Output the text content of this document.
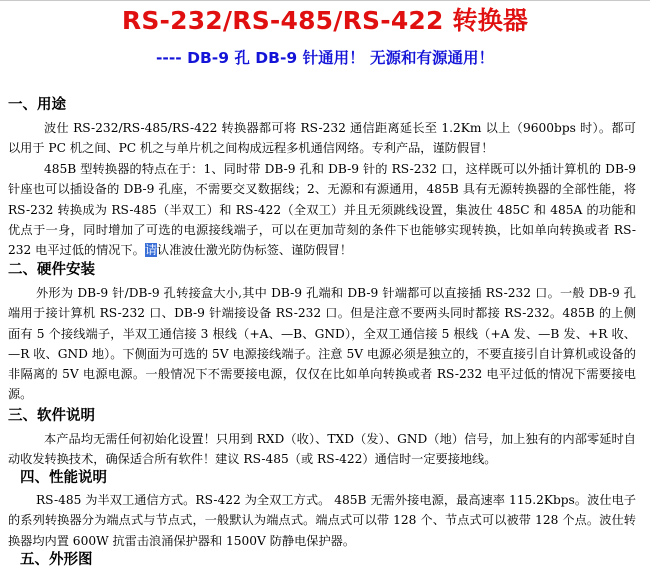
RS-232/RS-485/RS-422 转换器
---- DB-9 孔 DB-9 针通用！ 无源和有源通用！
一、用途

波仕 RS-232/RS-485/RS-422 转换器都可将 RS-232 通信距离延长至 1.2Km 以上（9600bps 时）。都可以用于 PC 机之间、PC 机之与单片机之间构成远程多机通信网络。专利产品，谨防假冒！

485B 型转换器的特点在于：1、同时带 DB-9 孔和 DB-9 针的 RS-232 口，这样既可以外插计算机的 DB-9 针座也可以插设备的 DB-9 孔座，不需要交叉数据线；2、无源和有源通用，485B 具有无源转换器的全部性能，将 RS-232 转换成为 RS-485（半双工）和 RS-422（全双工）并且无须跳线设置，集波仕 485C 和 485A 的功能和优点于一身，同时增加了可选的电源接线端子，可以在更加苛刻的条件下也能够实现转换，比如单向转换或者 RS-232 电平过低的情况下。请认准波仕激光防伪标签、谨防假冒！

二、硬件安装

外形为 DB-9 针/DB-9 孔转接盒大小,其中 DB-9 孔端和 DB-9 针端都可以直接插 RS-232 口。一般 DB-9 孔端用于接计算机 RS-232 口、DB-9 针端接设备 RS-232 口。但是注意不要两头同时都接 RS-232。485B 的上侧面有 5 个接线端子，半双工通信接 3 根线（+A、—B、GND），全双工通信接 5 根线（+A 发、—B 发、+R 收、—R 收、GND 地）。下侧面为可选的 5V 电源接线端子。注意 5V 电源必须是独立的，不要直接引自计算机或设备的非隔离的 5V 电源电源。一般情况下不需要接电源，仅仅在比如单向转换或者 RS-232 电平过低的情况下需要接电源。

三、软件说明

本产品均无需任何初始化设置！只用到 RXD（收）、TXD（发）、GND（地）信号，加上独有的内部零延时自动收发转换技术，确保适合所有软件！建议 RS-485（或 RS-422）通信时一定要接地线。

四、性能说明

RS-485 为半双工通信方式。RS-422 为全双工方式。 485B 无需外接电源，最高速率 115.2Kbps。波仕电子的系列转换器分为端点式与节点式，一般默认为端点式。端点式可以带 128 个、节点式可以被带 128 个点。波仕转换器均内置 600W 抗雷击浪涌保护器和 1500V 防静电保护器。

五、外形图
